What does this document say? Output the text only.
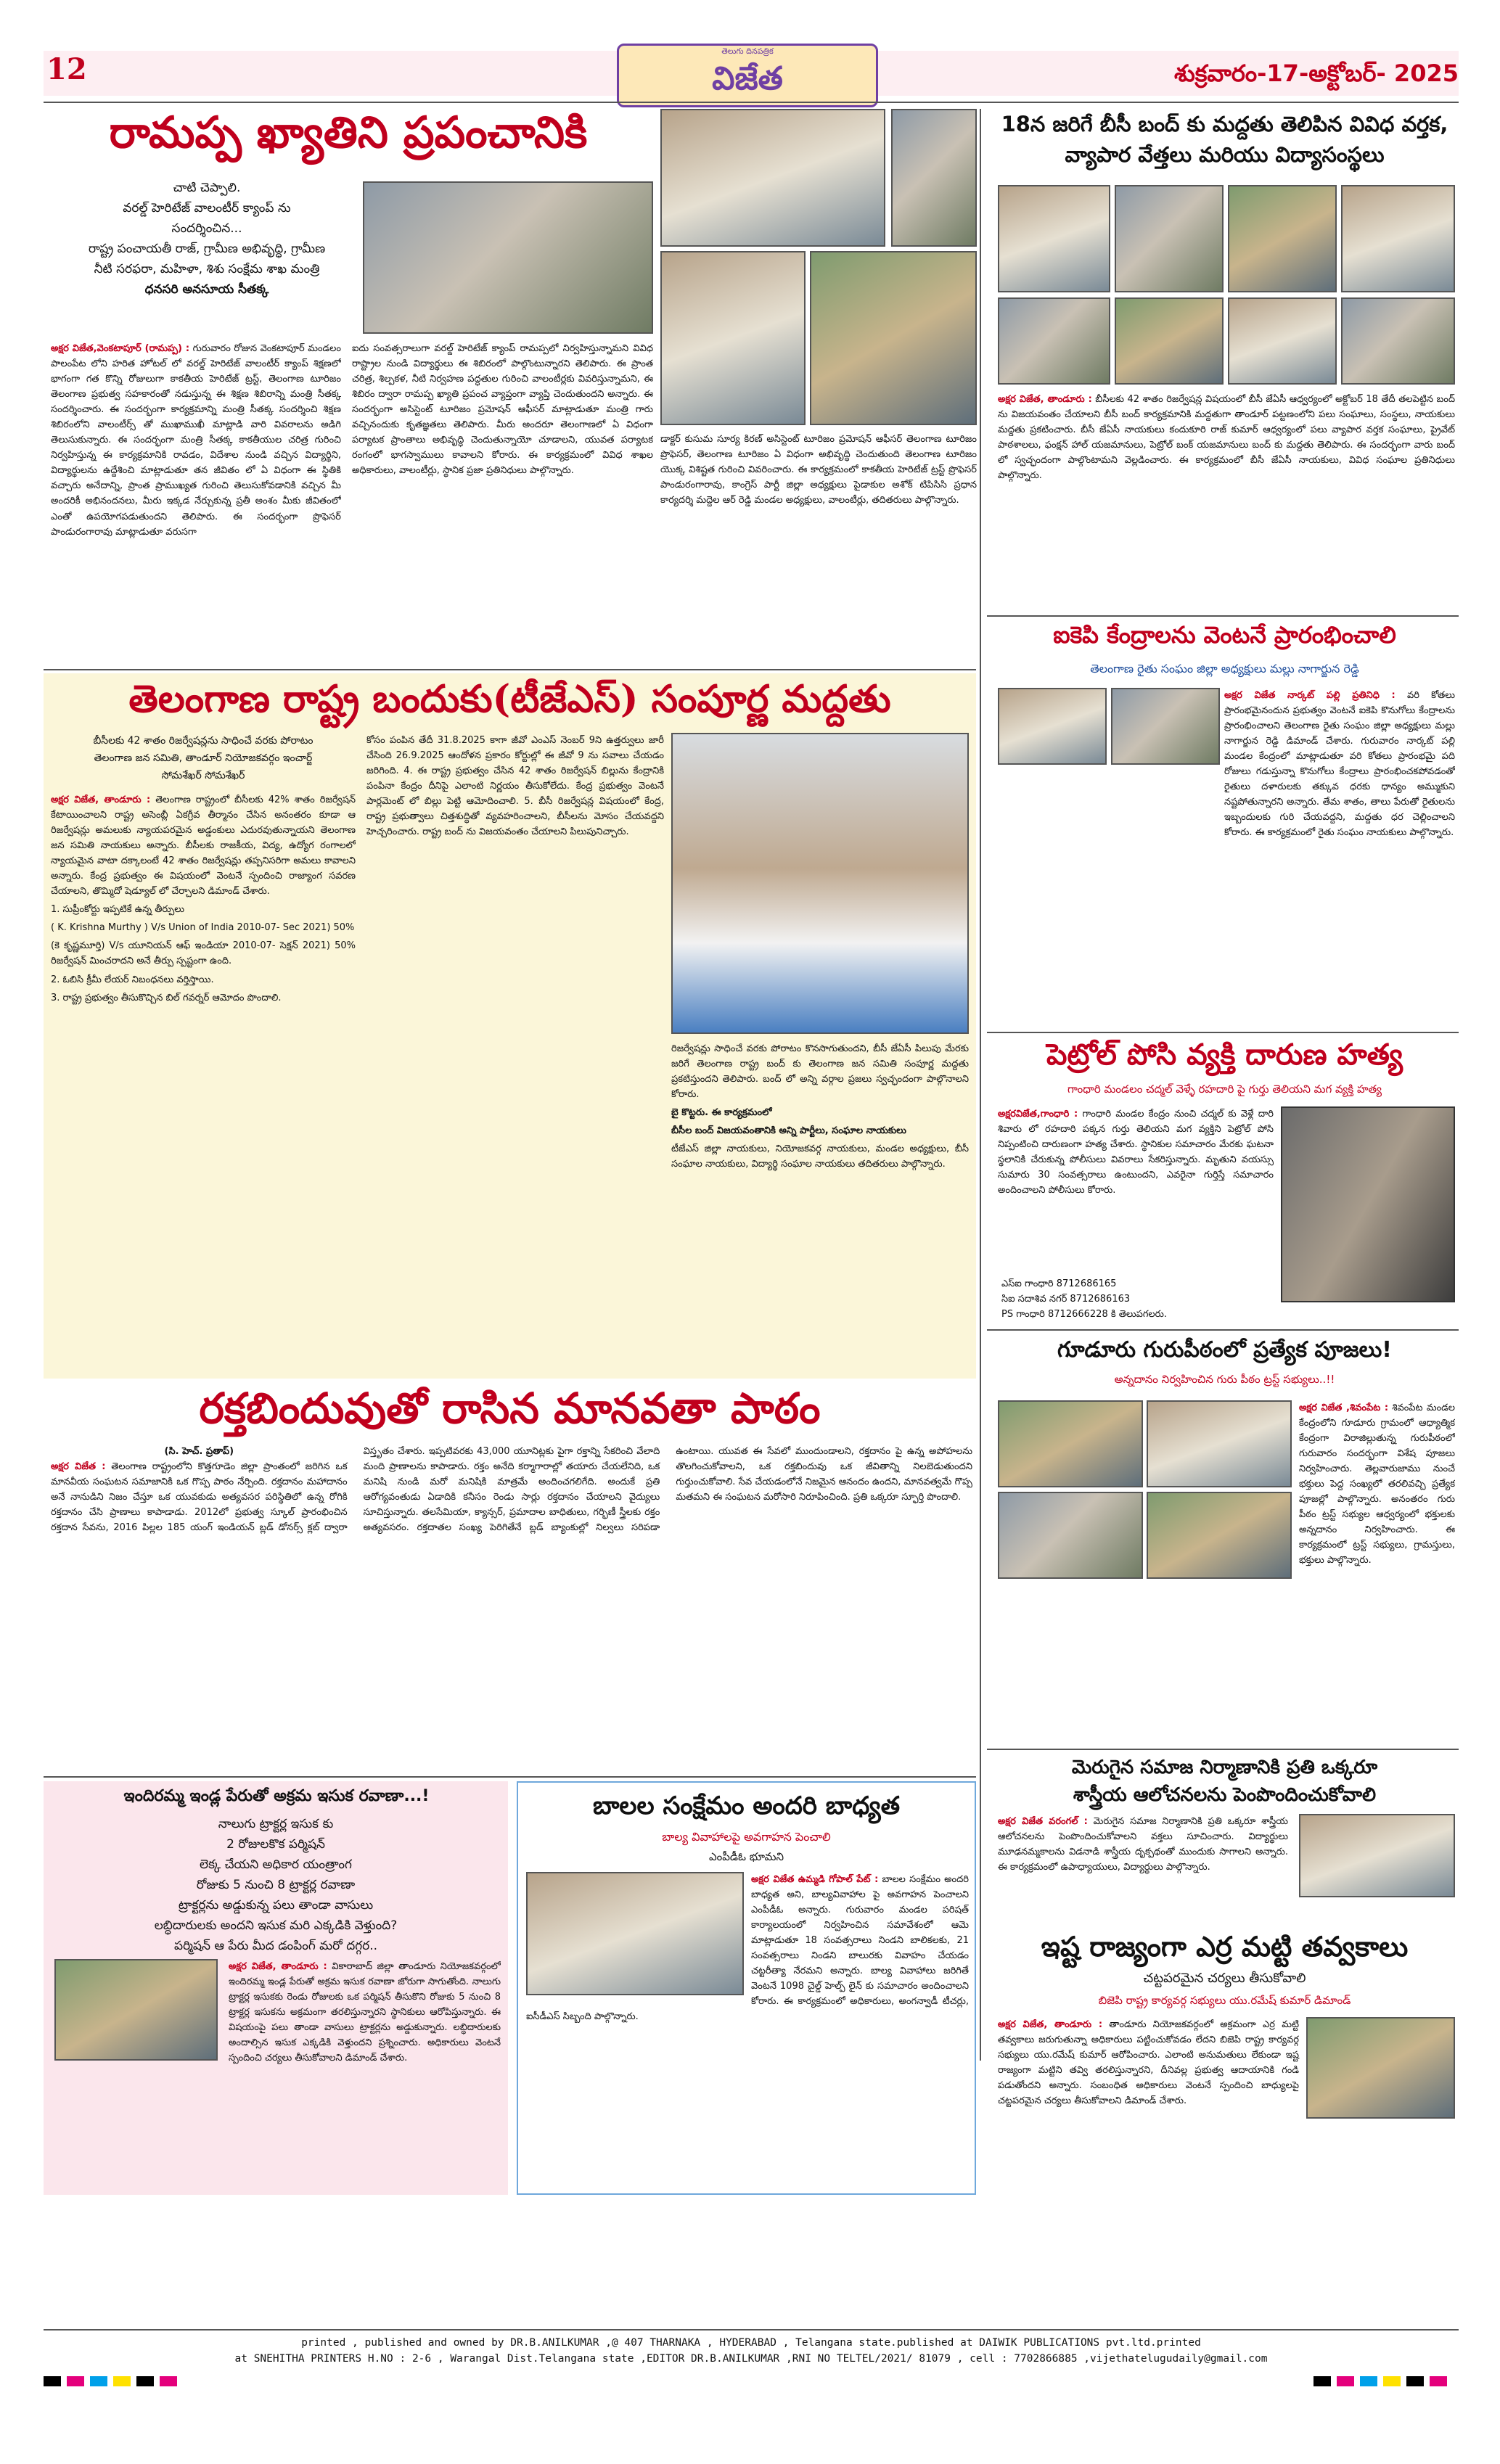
12
తెలుగు దినపత్రిక
విజేత	శుక్రవారం-17-అక్టోబర్- 2025
రామప్ప ఖ్యాతిని ప్రపంచానికి
చాటి చెప్పాలి.
వరల్డ్ హెరిటేజ్ వాలంటీర్ క్యాంప్ ను
సందర్శించిన...
రాష్ట్ర పంచాయతీ రాజ్, గ్రామీణ అభివృద్ధి, గ్రామీణ
నీటి సరఫరా, మహిళా, శిశు సంక్షేమ శాఖ మంత్రి
ధనసరి అనసూయ సీతక్క
అక్షర విజేత,వెంకటాపూర్ (రామప్ప) : గురువారం రోజున వెంకటాపూర్ మండలం పాలంపేట లోని హరిత హోటల్ లో వరల్డ్ హెరిటేజ్ వాలంటీర్ క్యాంప్ శిక్షణలో భాగంగా గత కొన్ని రోజులుగా కాకతీయ హెరిటేజ్ ట్రస్ట్, తెలంగాణ టూరిజం తెలంగాణ ప్రభుత్వ సహకారంతో నడుస్తున్న ఈ శిక్షణ శిబిరాన్ని మంత్రి సీతక్క సందర్శించారు. ఈ సందర్భంగా కార్యక్రమాన్ని మంత్రి సీతక్క సందర్శించి శిక్షణ శిబిరంలోని వాలంటీర్స్ తో ముఖాముఖీ మాట్లాడి వారి వివరాలను అడిగి తెలుసుకున్నారు. ఈ సందర్భంగా మంత్రి సీతక్క కాకతీయుల చరిత్ర గురించి నిర్వహిస్తున్న ఈ కార్యక్రమానికి రావడం, విదేశాల నుండి వచ్చిన విద్యార్థిని, విద్యార్థులను ఉద్దేశించి మాట్లాడుతూ తన జీవితం లో ఏ విధంగా ఈ స్థితికి వచ్చారు అనేదాన్ని, ప్రాంత ప్రాముఖ్యత గురించి తెలుసుకోవడానికి వచ్చిన మీ అందరికీ అభినందనలు, మీరు ఇక్కడ నేర్చుకున్న ప్రతీ అంశం మీకు జీవితంలో ఎంతో ఉపయోగపడుతుందని తెలిపారు. ఈ సందర్భంగా ప్రొఫెసర్ పాండురంగారావు మాట్లాడుతూ వరుసగా
ఐదు సంవత్సరాలుగా వరల్డ్ హెరిటేజ్ క్యాంప్ రామప్పలో నిర్వహిస్తున్నామని వివిధ రాష్ట్రాల నుండి విద్యార్థులు ఈ శిబిరంలో పాల్గొంటున్నారని తెలిపారు. ఈ ప్రాంత చరిత్ర, శిల్పకళ, నీటి నిర్వహణ పద్ధతుల గురించి వాలంటీర్లకు వివరిస్తున్నామని, ఈ శిబిరం ద్వారా రామప్ప ఖ్యాతి ప్రపంచ వ్యాప్తంగా వ్యాప్తి చెందుతుందని అన్నారు. ఈ సందర్భంగా అసిస్టెంట్ టూరిజం ప్రమోషన్ ఆఫీసర్ మాట్లాడుతూ మంత్రి గారు వచ్చినందుకు కృతజ్ఞతలు తెలిపారు. మీరు అందరూ తెలంగాణలో ఏ విధంగా పర్యాటక ప్రాంతాలు అభివృద్ధి చెందుతున్నాయో చూడాలని, యువత పర్యాటక రంగంలో భాగస్వాములు కావాలని కోరారు. ఈ కార్యక్రమంలో వివిధ శాఖల అధికారులు, వాలంటీర్లు, స్థానిక ప్రజా ప్రతినిధులు పాల్గొన్నారు.
డాక్టర్ కుసుమ సూర్య కిరణ్ అసిస్టెంట్ టూరిజం ప్రమోషన్ ఆఫీసర్ తెలంగాణ టూరిజం ప్రొఫెసర్, తెలంగాణ టూరిజం ఏ విధంగా అభివృద్ధి చెందుతుంది తెలంగాణ టూరిజం యొక్క విశిష్టత గురించి వివరించారు. ఈ కార్యక్రమంలో కాకతీయ హెరిటేజ్ ట్రస్ట్ ప్రొఫెసర్ పాండురంగారావు, కాంగ్రెస్ పార్టీ జిల్లా అధ్యక్షులు పైడాకుల అశోక్ టిపిసిసి ప్రధాన కార్యదర్శి మద్దెల ఆర్ రెడ్డి మండల అధ్యక్షులు, వాలంటీర్లు, తదితరులు పాల్గొన్నారు.
18న జరిగే బీసీ బంద్ కు మద్దతు తెలిపిన వివిధ వర్తక, వ్యాపార వేత్తలు మరియు విద్యాసంస్థలు
అక్షర విజేత, తాండూరు : బీసీలకు 42 శాతం రిజర్వేషన్ల విషయంలో బీసీ జేఏసీ ఆధ్వర్యంలో అక్టోబర్ 18 తేదీ తలపెట్టిన బంద్ ను విజయవంతం చేయాలని బీసీ బంద్ కార్యక్రమానికి మద్దతుగా తాండూర్ పట్టణంలోని పలు సంఘాలు, సంస్థలు, నాయకులు మద్దతు ప్రకటించారు. బీసీ జేఏసీ నాయకులు కందుకూరి రాజ్ కుమార్ ఆధ్వర్యంలో పలు వ్యాపార వర్తక సంఘాలు, ప్రైవేట్ పాఠశాలలు, ఫంక్షన్ హాల్ యజమానులు, పెట్రోల్ బంక్ యజమానులు బంద్ కు మద్దతు తెలిపారు. ఈ సందర్భంగా వారు బంద్ లో స్వచ్ఛందంగా పాల్గొంటామని వెల్లడించారు. ఈ కార్యక్రమంలో బీసీ జేఏసీ నాయకులు, వివిధ సంఘాల ప్రతినిధులు పాల్గొన్నారు.
ఐకెపి కేంద్రాలను వెంటనే ప్రారంభించాలి
తెలంగాణ రైతు సంఘం జిల్లా అధ్యక్షులు మల్లు నాగార్జున రెడ్డి
అక్షర విజేత నార్కట్ పల్లి ప్రతినిధి : వరి కోతలు ప్రారంభమైనందున ప్రభుత్వం వెంటనే ఐకెపి కొనుగోలు కేంద్రాలను ప్రారంభించాలని తెలంగాణ రైతు సంఘం జిల్లా అధ్యక్షులు మల్లు నాగార్జున రెడ్డి డిమాండ్ చేశారు. గురువారం నార్కట్ పల్లి మండల కేంద్రంలో మాట్లాడుతూ వరి కోతలు ప్రారంభమై పది రోజులు గడుస్తున్నా కొనుగోలు కేంద్రాలు ప్రారంభించకపోవడంతో రైతులు దళారులకు తక్కువ ధరకు ధాన్యం అమ్ముకుని నష్టపోతున్నారని అన్నారు. తేమ శాతం, తాలు పేరుతో రైతులను ఇబ్బందులకు గురి చేయవద్దని, మద్దతు ధర చెల్లించాలని కోరారు. ఈ కార్యక్రమంలో రైతు సంఘం నాయకులు పాల్గొన్నారు.
పెట్రోల్ పోసి వ్యక్తి దారుణ హత్య
గాంధారి మండలం చద్మల్ వెళ్ళే రహదారి పై గుర్తు తెలియని మగ వ్యక్తి హత్య
అక్షరవిజేత,గాంధారి : గాంధారి మండల కేంద్రం నుంచి చద్మల్ కు వెళ్లే దారి శివారు లో రహదారి పక్కన గుర్తు తెలియని మగ వ్యక్తిని పెట్రోల్ పోసి నిప్పంటించి దారుణంగా హత్య చేశారు. స్థానికుల సమాచారం మేరకు ఘటనా స్థలానికి చేరుకున్న పోలీసులు వివరాలు సేకరిస్తున్నారు. మృతుని వయస్సు సుమారు 30 సంవత్సరాలు ఉంటుందని, ఎవరైనా గుర్తిస్తే సమాచారం అందించాలని పోలీసులు కోరారు.
ఎస్ఐ గాంధారి 8712686165
సిఐ సదాశివ నగర్ 8712686163
PS గాంధారి 8712666228 కి తెలుపగలరు.
గూడూరు గురుపీఠంలో ప్రత్యేక పూజలు!
అన్నదానం నిర్వహించిన గురు పీఠం ట్రస్ట్ సభ్యులు..!!
అక్షర విజేత ,శివంపేట : శివంపేట మండల కేంద్రంలోని గూడూరు గ్రామంలో ఆధ్యాత్మిక కేంద్రంగా విరాజిల్లుతున్న గురుపీఠంలో గురువారం సందర్భంగా విశేష పూజలు నిర్వహించారు. తెల్లవారుజాము నుంచే భక్తులు పెద్ద సంఖ్యలో తరలివచ్చి ప్రత్యేక పూజల్లో పాల్గొన్నారు. అనంతరం గురు పీఠం ట్రస్ట్ సభ్యుల ఆధ్వర్యంలో భక్తులకు అన్నదానం నిర్వహించారు. ఈ కార్యక్రమంలో ట్రస్ట్ సభ్యులు, గ్రామస్తులు, భక్తులు పాల్గొన్నారు.
మెరుగైన సమాజ నిర్మాణానికి ప్రతి ఒక్కరూ
శాస్త్రీయ ఆలోచనలను పెంపొందించుకోవాలి
అక్షర విజేత వరంగల్ : మెరుగైన సమాజ నిర్మాణానికి ప్రతి ఒక్కరూ శాస్త్రీయ ఆలోచనలను పెంపొందించుకోవాలని వక్తలు సూచించారు. విద్యార్థులు మూఢనమ్మకాలను విడనాడి శాస్త్రీయ దృక్పథంతో ముందుకు సాగాలని అన్నారు. ఈ కార్యక్రమంలో ఉపాధ్యాయులు, విద్యార్థులు పాల్గొన్నారు.
ఇష్ట రాజ్యంగా ఎర్ర మట్టి తవ్వకాలు
చట్టపరమైన చర్యలు తీసుకోవాలి
బిజెపి రాష్ట్ర కార్యవర్గ సభ్యులు యు.రమేష్ కుమార్ డిమాండ్
అక్షర విజేత, తాండూరు : తాండూరు నియోజకవర్గంలో అక్రమంగా ఎర్ర మట్టి తవ్వకాలు జరుగుతున్నా అధికారులు పట్టించుకోవడం లేదని బిజెపి రాష్ట్ర కార్యవర్గ సభ్యులు యు.రమేష్ కుమార్ ఆరోపించారు. ఎలాంటి అనుమతులు లేకుండా ఇష్ట రాజ్యంగా మట్టిని తవ్వి తరలిస్తున్నారని, దీనివల్ల ప్రభుత్వ ఆదాయానికి గండి పడుతోందని అన్నారు. సంబంధిత అధికారులు వెంటనే స్పందించి బాధ్యులపై చట్టపరమైన చర్యలు తీసుకోవాలని డిమాండ్ చేశారు.
తెలంగాణ రాష్ట్ర బందుకు(టీజేఎస్) సంపూర్ణ మద్దతు
బీసీలకు 42 శాతం రిజర్వేషన్లను సాధించే వరకు పోరాటం
తెలంగాణ జన సమితి, తాండూర్ నియోజకవర్గం ఇంచార్జ్
సోమశేఖర్ సోమశేఖర్

అక్షర విజేత, తాండూరు : తెలంగాణ రాష్ట్రంలో బీసీలకు 42% శాతం రిజర్వేషన్ కేటాయించాలని రాష్ట్ర అసెంబ్లీ ఏకగ్రీవ తీర్మానం చేసిన అనంతరం కూడా ఆ రిజర్వేషన్లు అమలుకు న్యాయపరమైన అడ్డంకులు ఎదురవుతున్నాయని తెలంగాణ జన సమితి నాయకులు అన్నారు. బీసీలకు రాజకీయ, విద్య, ఉద్యోగ రంగాలలో న్యాయమైన వాటా దక్కాలంటే 42 శాతం రిజర్వేషన్లు తప్పనిసరిగా అమలు కావాలని అన్నారు. కేంద్ర ప్రభుత్వం ఈ విషయంలో వెంటనే స్పందించి రాజ్యాంగ సవరణ చేయాలని, తొమ్మిదో షెడ్యూల్ లో చేర్చాలని డిమాండ్ చేశారు.

1. సుప్రీంకోర్టు ఇప్పటికే ఉన్న తీర్పులు

( K. Krishna Murthy ) V/s Union of India 2010-07- Sec 2021) 50%

(కె కృష్ణమూర్తి) V/s యూనియన్ ఆఫ్ ఇండియా 2010-07- సెక్షన్ 2021) 50% రిజర్వేషన్ మించరాదని అనే తీర్పు స్పష్టంగా ఉంది.

2. ఓబిసి క్రీమీ లేయర్ నిబంధనలు వర్తిస్తాయి.

3. రాష్ట్ర ప్రభుత్వం తీసుకొచ్చిన బిల్ గవర్నర్ ఆమోదం పొందాలి.

కోసం పంపిన తేదీ 31.8.2025 కాగా జీవో ఎంఎస్ నెంబర్ 9ని ఉత్తర్వులు జారీ చేసింది 26.9.2025 ఆందోళన ప్రకారం కోర్టుల్లో ఈ జీవో 9 ను సవాలు చేయడం జరిగింది. 4. ఈ రాష్ట్ర ప్రభుత్వం చేసిన 42 శాతం రిజర్వేషన్ బిల్లును కేంద్రానికి పంపినా కేంద్రం దీనిపై ఎలాంటి నిర్ణయం తీసుకోలేదు. కేంద్ర ప్రభుత్వం వెంటనే పార్లమెంట్ లో బిల్లు పెట్టి ఆమోదించాలి. 5. బీసీ రిజర్వేషన్ల విషయంలో కేంద్ర, రాష్ట్ర ప్రభుత్వాలు చిత్తశుద్ధితో వ్యవహరించాలని, బీసీలను మోసం చేయవద్దని హెచ్చరించారు. రాష్ట్ర బంద్ ను విజయవంతం చేయాలని పిలుపునిచ్చారు.

రిజర్వేషన్లు సాధించే వరకు పోరాటం కొనసాగుతుందని, బీసీ జేఏసీ పిలుపు మేరకు జరిగే తెలంగాణ రాష్ట్ర బంద్ కు తెలంగాణ జన సమితి సంపూర్ణ మద్దతు ప్రకటిస్తుందని తెలిపారు. బంద్ లో అన్ని వర్గాల ప్రజలు స్వచ్ఛందంగా పాల్గొనాలని కోరారు.

బై కొట్టరు. ఈ కార్యక్రమంలో

బీసీల బంద్ విజయవంతానికి అన్ని పార్టీలు, సంఘాల నాయకులు

టీజేఎస్ జిల్లా నాయకులు, నియోజకవర్గ నాయకులు, మండల అధ్యక్షులు, బీసీ సంఘాల నాయకులు, విద్యార్థి సంఘాల నాయకులు తదితరులు పాల్గొన్నారు.

రక్తబిందువుతో రాసిన మానవతా పాఠం
(సి. హెచ్. ప్రతాప్)
అక్షర విజేత : తెలంగాణ రాష్ట్రంలోని కొత్తగూడెం జిల్లా ప్రాంతంలో జరిగిన ఒక మానవీయ సంఘటన సమాజానికి ఒక గొప్ప పాఠం నేర్పింది. రక్తదానం మహాదానం అనే నానుడిని నిజం చేస్తూ ఒక యువకుడు అత్యవసర పరిస్థితిలో ఉన్న రోగికి రక్తదానం చేసి ప్రాణాలు కాపాడాడు. 2012లో ప్రభుత్వ స్కూల్ ప్రారంభించిన రక్తదాన సేవను, 2016 పిల్లల 185 యంగ్ ఇండియన్ బ్లడ్ డోనర్స్ క్లబ్ ద్వారా విస్తృతం చేశారు. ఇప్పటివరకు 43,000 యూనిట్లకు పైగా రక్తాన్ని సేకరించి వేలాది మంది ప్రాణాలను కాపాడారు. రక్తం అనేది కర్మాగారాల్లో తయారు చేయలేనిది, ఒక మనిషి నుండి మరో మనిషికి మాత్రమే అందించగలిగేది. అందుకే ప్రతి ఆరోగ్యవంతుడు ఏడాదికి కనీసం రెండు సార్లు రక్తదానం చేయాలని వైద్యులు సూచిస్తున్నారు. తలసేమియా, క్యాన్సర్, ప్రమాదాల బాధితులు, గర్భిణీ స్త్రీలకు రక్తం అత్యవసరం. రక్తదాతల సంఖ్య పెరిగితేనే బ్లడ్ బ్యాంకుల్లో నిల్వలు సరిపడా ఉంటాయి. యువత ఈ సేవలో ముందుండాలని, రక్తదానం పై ఉన్న అపోహలను తొలగించుకోవాలని, ఒక రక్తబిందువు ఒక జీవితాన్ని నిలబెడుతుందని గుర్తుంచుకోవాలి. సేవ చేయడంలోనే నిజమైన ఆనందం ఉందని, మానవత్వమే గొప్ప మతమని ఈ సంఘటన మరోసారి నిరూపించింది. ప్రతి ఒక్కరూ స్ఫూర్తి పొందాలి.
ఇందిరమ్మ ఇండ్ల పేరుతో అక్రమ ఇసుక రవాణా...!
నాలుగు ట్రాక్టర్ల ఇసుక కు
2 రోజులకొక పర్మిషన్
లెక్క చేయని అధికార యంత్రాంగ
రోజుకు 5 నుంచి 8 ట్రాక్టర్ల రవాణా
ట్రాక్టర్లను అడ్డుకున్న పలు తాండా వాసులు
లబ్ధిదారులకు అందని ఇసుక మరి ఎక్కడికి వెళ్తుంది?
పర్మిషన్ ఆ పేరు మీద డంపింగ్ మరో దగ్గర..
అక్షర విజేత, తాండూరు : వికారాబాద్ జిల్లా తాండూరు నియోజకవర్గంలో ఇందిరమ్మ ఇండ్ల పేరుతో అక్రమ ఇసుక రవాణా జోరుగా సాగుతోంది. నాలుగు ట్రాక్టర్ల ఇసుకకు రెండు రోజులకు ఒక పర్మిషన్ తీసుకొని రోజుకు 5 నుంచి 8 ట్రాక్టర్ల ఇసుకను అక్రమంగా తరలిస్తున్నారని స్థానికులు ఆరోపిస్తున్నారు. ఈ విషయంపై పలు తాండా వాసులు ట్రాక్టర్లను అడ్డుకున్నారు. లబ్ధిదారులకు అందాల్సిన ఇసుక ఎక్కడికి వెళ్తుందని ప్రశ్నించారు. అధికారులు వెంటనే స్పందించి చర్యలు తీసుకోవాలని డిమాండ్ చేశారు.
బాలల సంక్షేమం అందరి బాధ్యత
బాల్య వివాహాలపై అవగాహన పెంచాలి
ఎంపీడీఓ భూమని
అక్షర విజేత ఉమ్మడి గోపాల్ పేట్ : బాలల సంక్షేమం అందరి బాధ్యత అని, బాల్యవివాహాల పై అవగాహన పెంచాలని ఎంపీడీఓ అన్నారు. గురువారం మండల పరిషత్ కార్యాలయంలో నిర్వహించిన సమావేశంలో ఆమె మాట్లాడుతూ 18 సంవత్సరాలు నిండని బాలికలకు, 21 సంవత్సరాలు నిండని బాలురకు వివాహం చేయడం చట్టరీత్యా నేరమని అన్నారు. బాల్య వివాహాలు జరిగితే వెంటనే 1098 చైల్డ్ హెల్ప్ లైన్ కు సమాచారం అందించాలని కోరారు. ఈ కార్యక్రమంలో అధికారులు, అంగన్వాడీ టీచర్లు, ఐసీడీఎస్ సిబ్బంది పాల్గొన్నారు.
printed , published and owned by DR.B.ANILKUMAR ,@ 407 THARNAKA , HYDERABAD , Telangana state.published at DAIWIK PUBLICATIONS pvt.ltd.printed
at SNEHITHA PRINTERS H.NO : 2-6 , Warangal Dist.Telangana state ,EDITOR DR.B.ANILKUMAR ,RNI NO TELTEL/2021/ 81079 , cell : 7702866885 ,vijethatelugudaily@gmail.com
